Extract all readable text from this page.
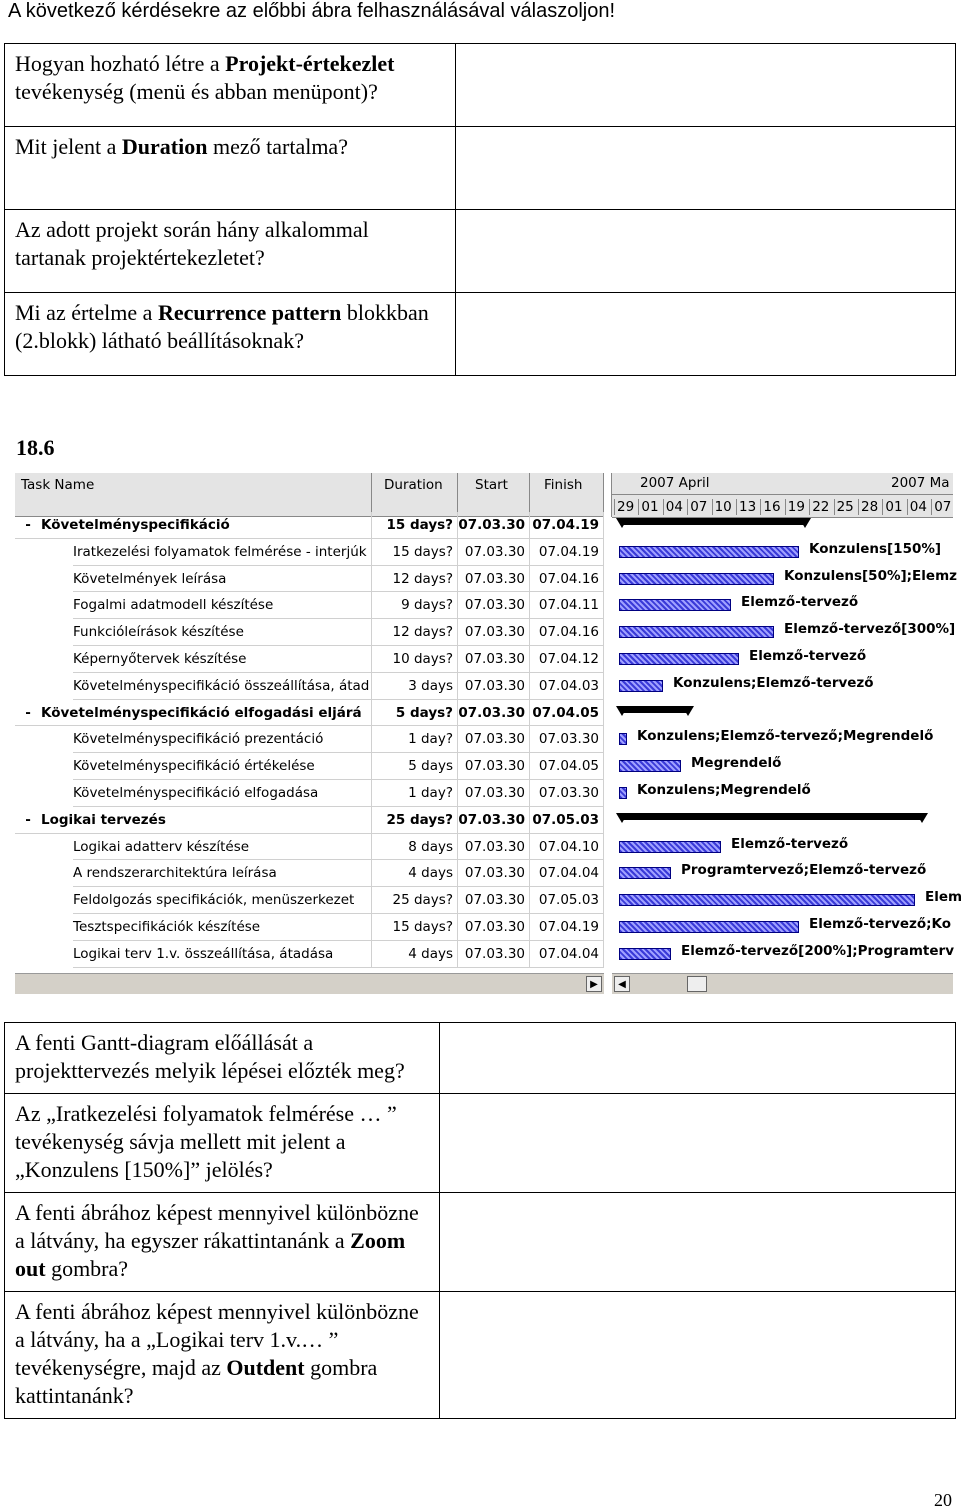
A következő kérdésekre az előbbi ábra felhasználásával válaszoljon!
Hogyan hozható létre a Projekt-értekezlet tevékenység (menü és abban menüpont)?	
Mit jelent a Duration mező tartalma?	
Az adott projekt során hány alkalommal tartanak projektértekezletet?	
Mi az értelme a Recurrence pattern blokkban (2.blokk) látható beállításoknak?	
18.6
Task Name	Duration Start	Finish	2007 April	2007 Ma
29 01 04 07 10 13 16 19 22 25 28 01 04 07
- Követelményspecifikáció	15 days? 07.03.30 07.04.19
Iratkezelési folyamatok felmérése - interjúk	15 days? 07.03.30	07.04.19	Konzulens[150%]
Követelmények leírása	12 days? 07.03.30	07.04.16	Konzulens[50%];Elemz
Fogalmi adatmodell készítése	9 days? 07.03.30	07.04.11	Elemző-tervező
Funkcióleírások készítése	12 days? 07.03.30	07.04.16	Elemző-tervező[300%]
Képernyőtervek készítése	10 days? 07.03.30	07.04.12	Elemző-tervező
Követelményspecifikáció összeállítása, átad	3 days 07.03.30	07.04.03	Konzulens;Elemző-tervező
- Követelményspecifikáció elfogadási eljárá	5 days? 07.03.30 07.04.05
Követelményspecifikáció prezentáció	1 day? 07.03.30	07.03.30	Konzulens;Elemző-tervező;Megrendelő
Követelményspecifikáció értékelése	5 days 07.03.30	07.04.05	Megrendelő
Követelményspecifikáció elfogadása	1 day? 07.03.30	07.03.30	Konzulens;Megrendelő
- Logikai tervezés	25 days? 07.03.30 07.05.03
Logikai adatterv készítése	8 days 07.03.30	07.04.10	Elemző-tervező
A rendszerarchitektúra leírása	4 days 07.03.30	07.04.04	Programtervező;Elemző-tervező
Feldolgozás specifikációk, menüszerkezet	25 days? 07.03.30	07.05.03	Elem
Tesztspecifikációk készítése	15 days? 07.03.30	07.04.19	Elemző-tervező;Ko
Logikai terv 1.v. összeállítása, átadása	4 days 07.03.30	07.04.04	Elemző-tervező[200%];Programterv
▶	◀
A fenti Gantt-diagram előállását a projekttervezés melyik lépései előzték meg?	
Az „Iratkezelési folyamatok felmérése … ” tevékenység sávja mellett mit jelent a „Konzulens [150%]” jelölés?	
A fenti ábrához képest mennyivel különbözne a látvány, ha egyszer rákattintanánk a Zoom out gombra?	
A fenti ábrához képest mennyivel különbözne a látvány, ha a „Logikai terv 1.v.… ” tevékenységre, majd az Outdent gombra kattintanánk?	
20
